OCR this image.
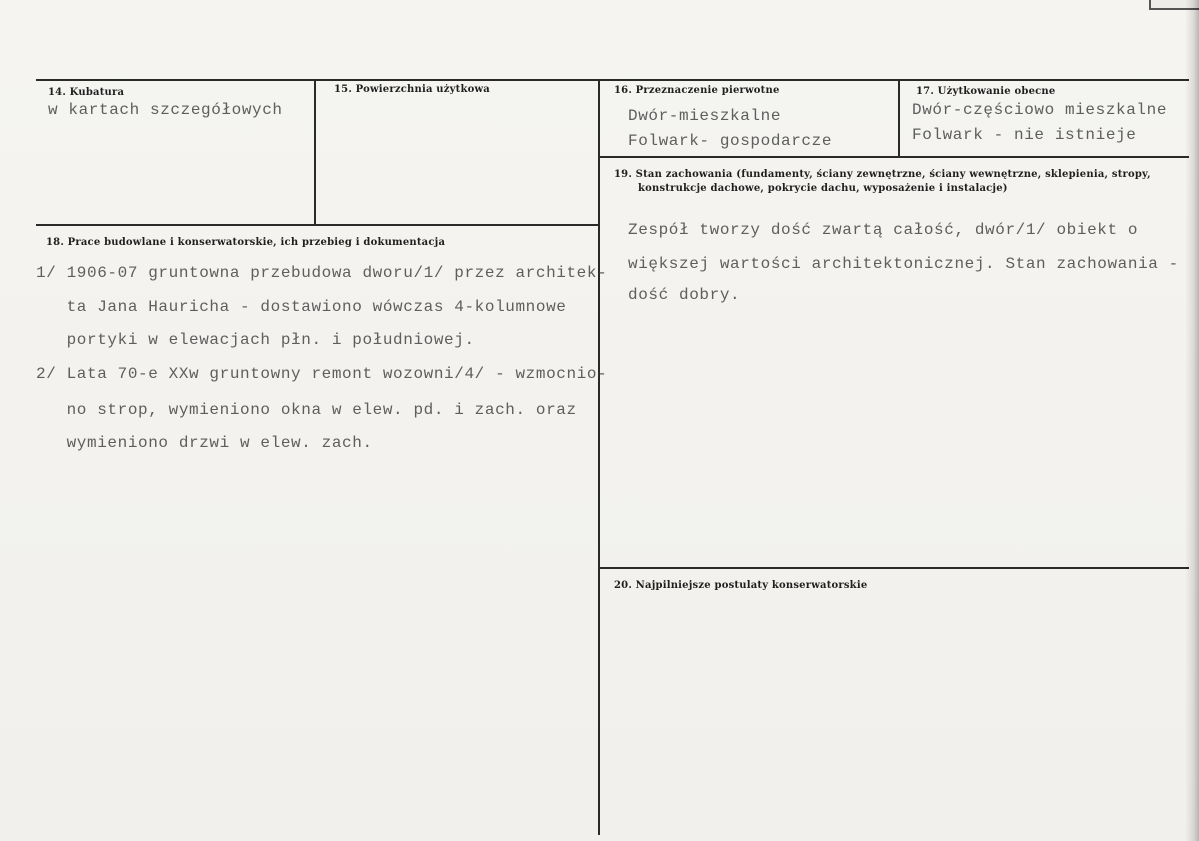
14. Kubatura
w kartach szczegółowych
15. Powierzchnia użytkowa	16. Przeznaczenie pierwotne
Dwór-mieszkalne
Folwark- gospodarcze
17. Użytkowanie obecne
Dwór-częściowo mieszkalne
Folwark - nie istnieje
19. Stan zachowania (fundamenty, ściany zewnętrzne, ściany wewnętrzne, sklepienia, stropy,
konstrukcje dachowe, pokrycie dachu, wyposażenie i instalacje)
Zespół tworzy dość zwartą całość, dwór/1/ obiekt o
większej wartości architektonicznej. Stan zachowania -
dość dobry.
18. Prace budowlane i konserwatorskie, ich przebieg i dokumentacja
1/ 1906-07 gruntowna przebudowa dworu/1/ przez architek-
ta Jana Hauricha - dostawiono wówczas 4-kolumnowe
portyki w elewacjach płn. i południowej.
2/ Lata 70-e XXw gruntowny remont wozowni/4/ - wzmocnio-
no strop, wymieniono okna w elew. pd. i zach. oraz
wymieniono drzwi w elew. zach.
20. Najpilniejsze postulaty konserwatorskie
